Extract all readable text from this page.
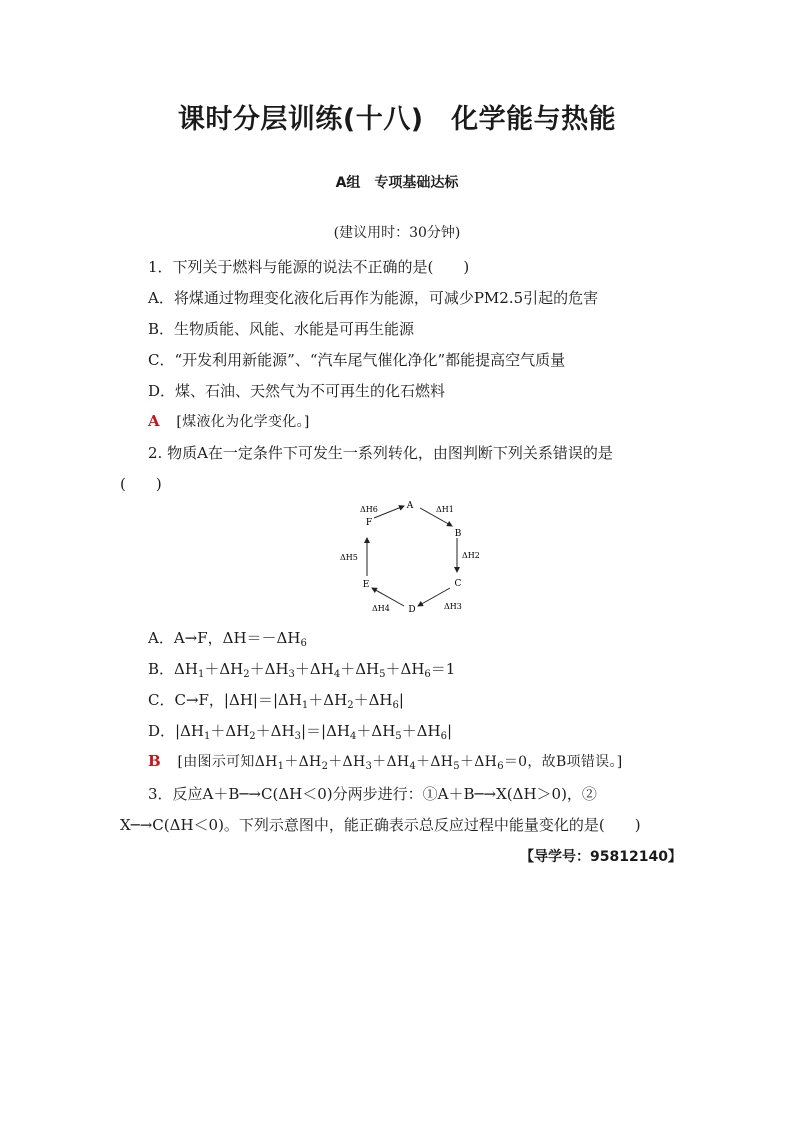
课时分层训练(十八)　化学能与热能
A组　专项基础达标
(建议用时：30分钟)
1．下列关于燃料与能源的说法不正确的是(　　)
A．将煤通过物理变化液化后再作为能源，可减少PM2.5引起的危害
B．生物质能、风能、水能是可再生能源
C．“开发利用新能源”、“汽车尾气催化净化”都能提高空气质量
D．煤、石油、天然气为不可再生的化石燃料
A [煤液化为化学变化。]
2. 物质A在一定条件下可发生一系列转化，由图判断下列关系错误的是
(　　)
A
B
C
D
E
F
ΔH1
ΔH2
ΔH3
ΔH4
ΔH5
ΔH6
A．A→F，$\Delta H=-\Delta H_6$
B．$\Delta H_1+\Delta H_2+\Delta H_3+\Delta H_4+\Delta H_5+\Delta H_6=1$
C．C→F，$|\Delta H|=|\Delta H_1+\Delta H_2+\Delta H_6|$
D．$|\Delta H_1+\Delta H_2+\Delta H_3|=|\Delta H_4+\Delta H_5+\Delta H_6|$
B [由图示可知$\Delta H_1+\Delta H_2+\Delta H_3+\Delta H_4+\Delta H_5+\Delta H_6=0$，故B项错误。]
3．反应A＋B─→C(ΔH＜0)分两步进行：①A＋B─→X(ΔH＞0)，②
X─→C(ΔH＜0)。下列示意图中，能正确表示总反应过程中能量变化的是(　　)
【导学号：95812140】
